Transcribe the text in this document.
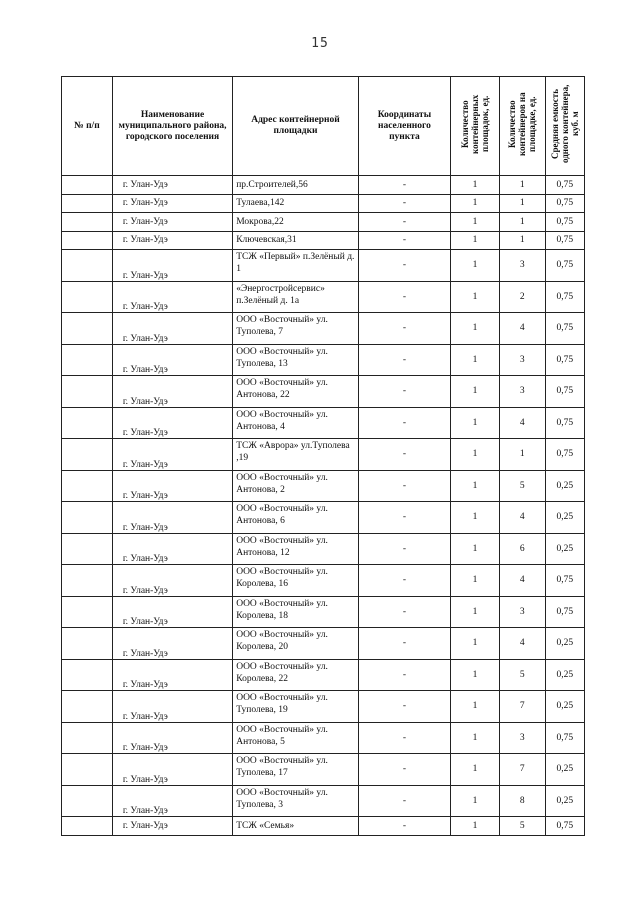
15
№ п/п	Наименование муниципального района, городского поселения	Адрес контейнерной площадки	Координаты населенного пункта	Количество контейнерных площадок, ед.	Количество контейнеров на площадке, ед.	Средняя емкость одного контейнера, куб. м
	г. Улан-Удэ	пр.Строителей,56	-	1	1	0,75
	г. Улан-Удэ	Тулаева,142	-	1	1	0,75
	г. Улан-Удэ	Мокрова,22	-	1	1	0,75
	г. Улан-Удэ	Ключевская,31	-	1	1	0,75
	г. Улан-Удэ	ТСЖ «Первый» п.Зелёный д. 1	-	1	3	0,75
	г. Улан-Удэ	«Энергостройсервис» п.Зелёный д. 1а	-	1	2	0,75
	г. Улан-Удэ	ООО «Восточный» ул. Туполева, 7	-	1	4	0,75
	г. Улан-Удэ	ООО «Восточный» ул. Туполева, 13	-	1	3	0,75
	г. Улан-Удэ	ООО «Восточный» ул. Антонова, 22	-	1	3	0,75
	г. Улан-Удэ	ООО «Восточный» ул. Антонова, 4	-	1	4	0,75
	г. Улан-Удэ	ТСЖ «Аврора» ул.Туполева ,19	-	1	1	0,75
	г. Улан-Удэ	ООО «Восточный» ул. Антонова, 2	-	1	5	0,25
	г. Улан-Удэ	ООО «Восточный» ул. Антонова, 6	-	1	4	0,25
	г. Улан-Удэ	ООО «Восточный» ул. Антонова, 12	-	1	6	0,25
	г. Улан-Удэ	ООО «Восточный» ул. Королева, 16	-	1	4	0,75
	г. Улан-Удэ	ООО «Восточный» ул. Королева, 18	-	1	3	0,75
	г. Улан-Удэ	ООО «Восточный» ул. Королева, 20	-	1	4	0,25
	г. Улан-Удэ	ООО «Восточный» ул. Королева, 22	-	1	5	0,25
	г. Улан-Удэ	ООО «Восточный» ул. Туполева, 19	-	1	7	0,25
	г. Улан-Удэ	ООО «Восточный» ул. Антонова, 5	-	1	3	0,75
	г. Улан-Удэ	ООО «Восточный» ул. Туполева, 17	-	1	7	0,25
	г. Улан-Удэ	ООО «Восточный» ул. Туполева, 3	-	1	8	0,25
	г. Улан-Удэ	ТСЖ «Семья»	-	1	5	0,75
